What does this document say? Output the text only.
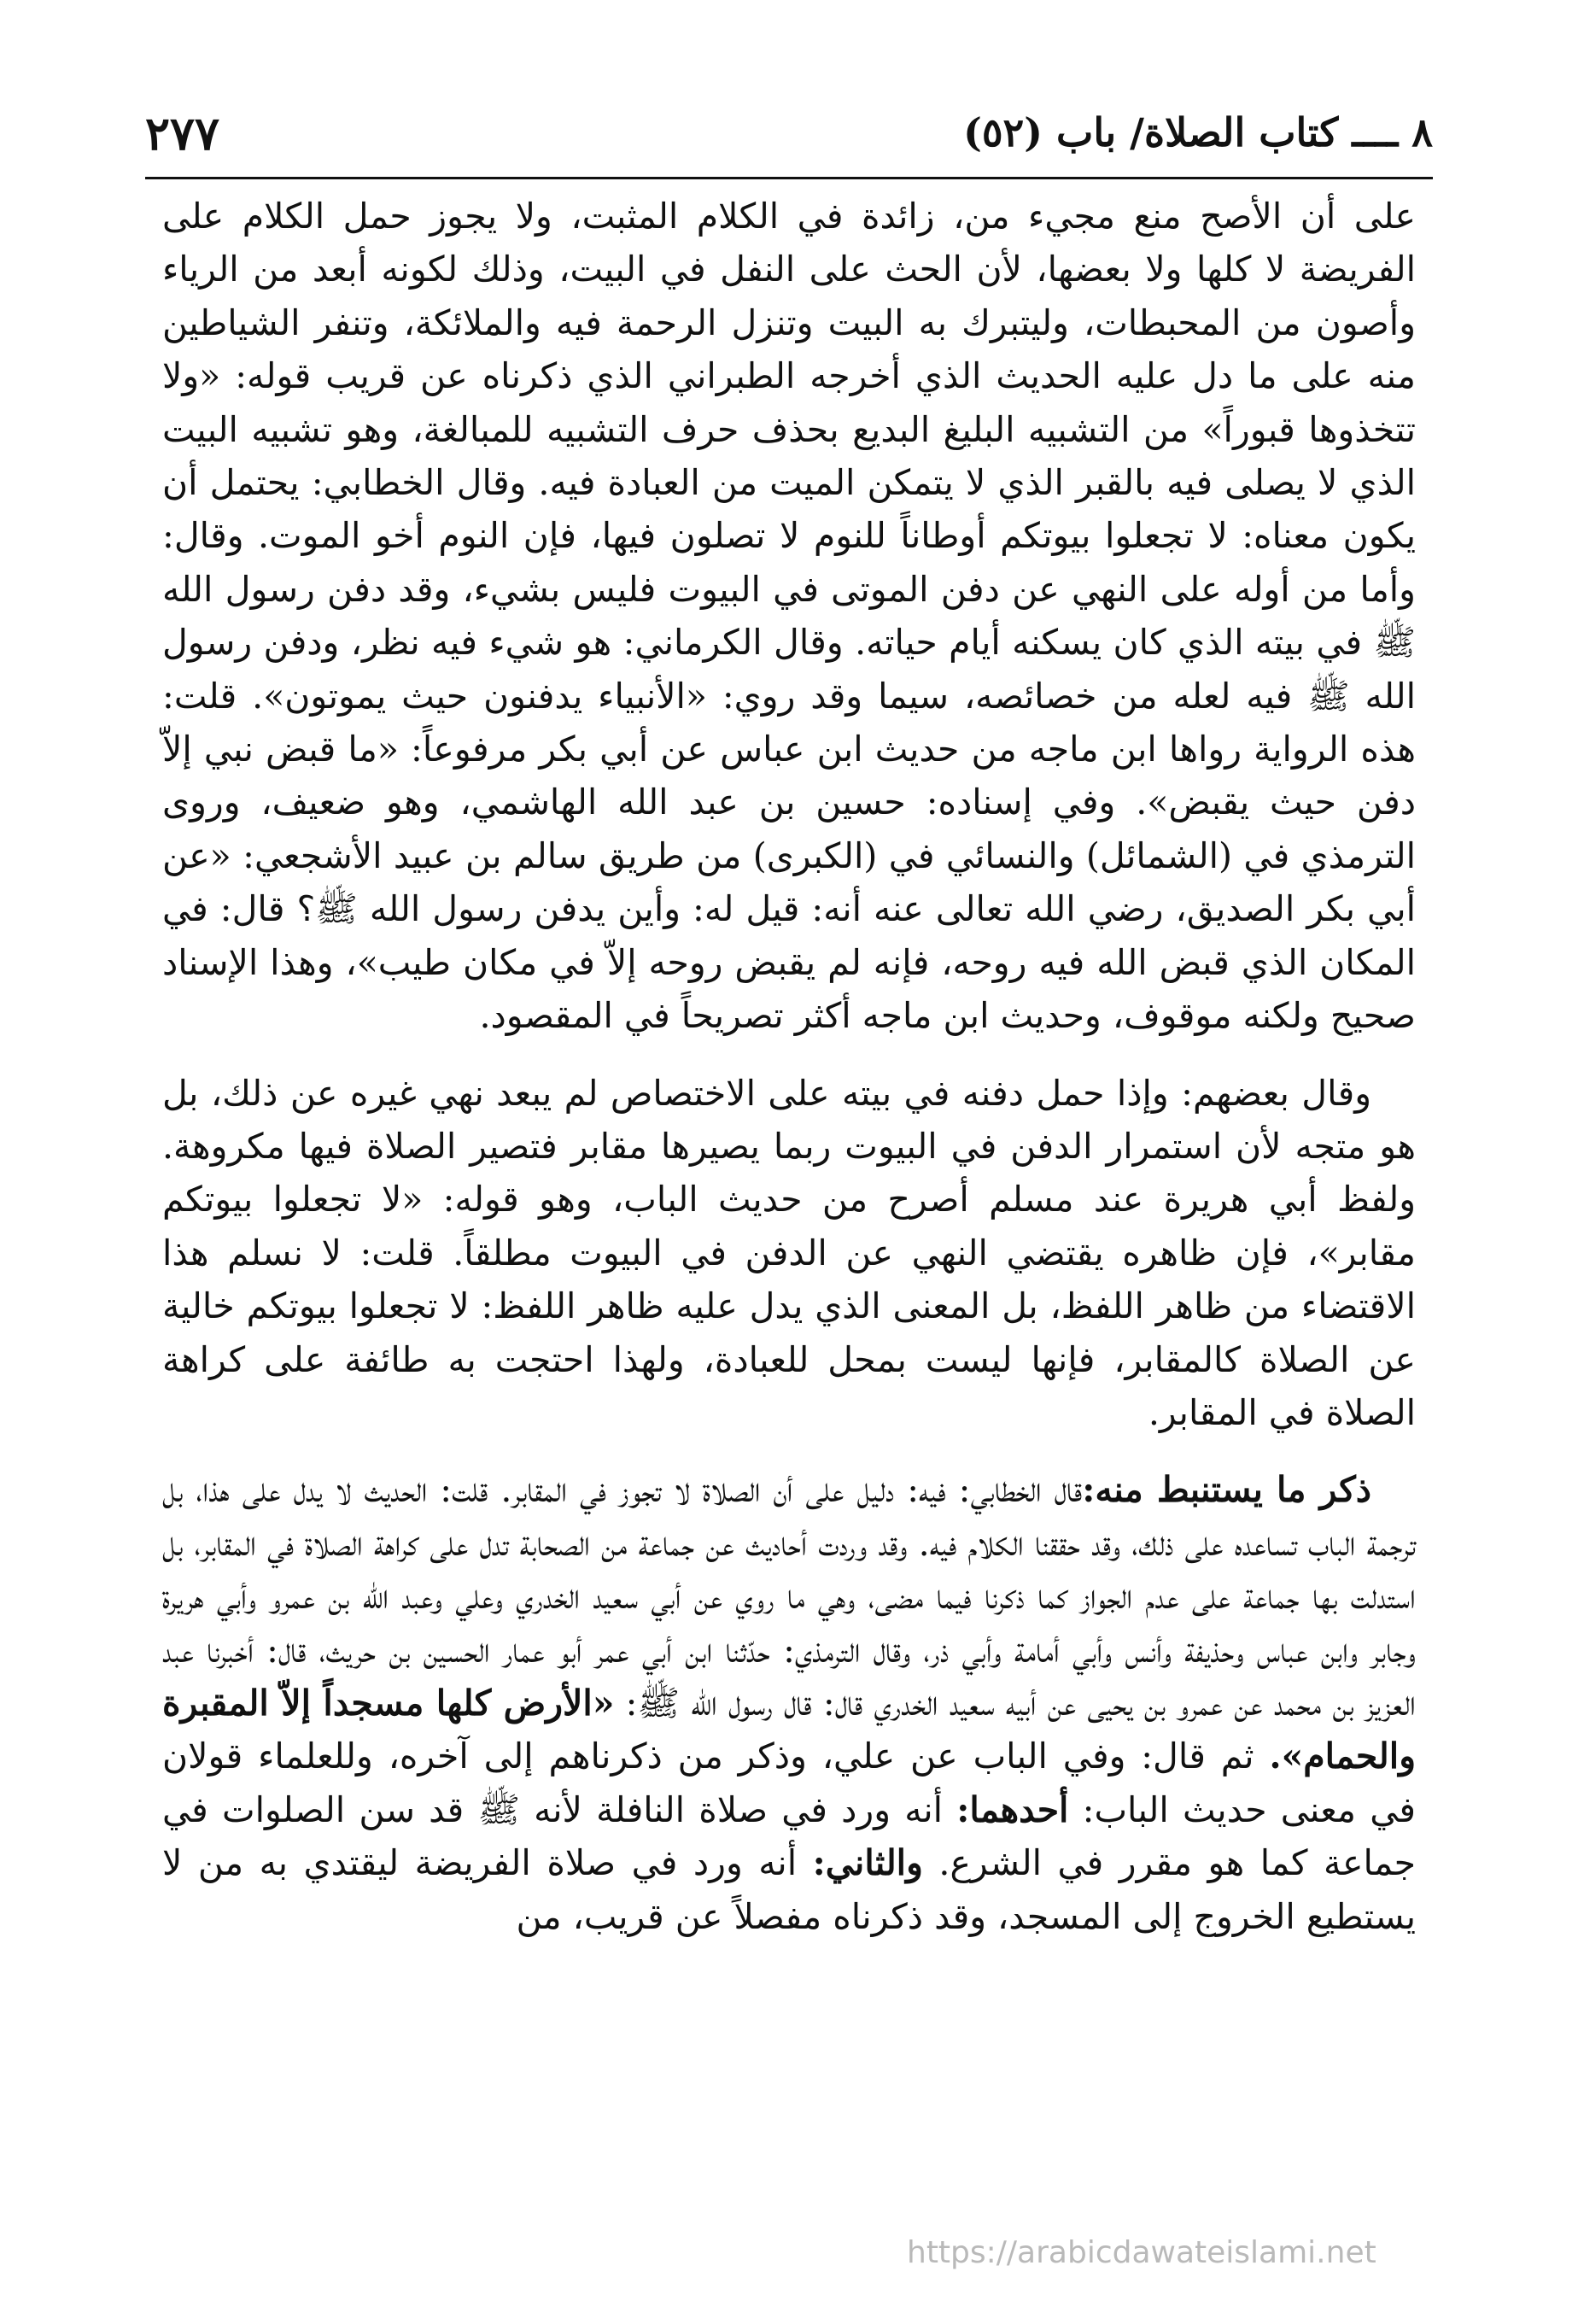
٨ ــــ كتاب الصلاة/ باب (٥٢)
٢٧٧

على أن الأصح منع مجيء من، زائدة في الكلام المثبت، ولا يجوز حمل الكلام على الفريضة لا كلها ولا بعضها، لأن الحث على النفل في البيت، وذلك لكونه أبعد من الرياء وأصون من المحبطات، وليتبرك به البيت وتنزل الرحمة فيه والملائكة، وتنفر الشياطين منه على ما دل عليه الحديث الذي أخرجه الطبراني الذي ذكرناه عن قريب قوله: «ولا تتخذوها قبوراً» من التشبيه البليغ البديع بحذف حرف التشبيه للمبالغة، وهو تشبيه البيت الذي لا يصلى فيه بالقبر الذي لا يتمكن الميت من العبادة فيه. وقال الخطابي: يحتمل أن يكون معناه: لا تجعلوا بيوتكم أوطاناً للنوم لا تصلون فيها، فإن النوم أخو الموت. وقال: وأما من أوله على النهي عن دفن الموتى في البيوت فليس بشيء، وقد دفن رسول الله ﷺ في بيته الذي كان يسكنه أيام حياته. وقال الكرماني: هو شيء فيه نظر، ودفن رسول الله ﷺ فيه لعله من خصائصه، سيما وقد روي: «الأنبياء يدفنون حيث يموتون». قلت: هذه الرواية رواها ابن ماجه من حديث ابن عباس عن أبي بكر مرفوعاً: «ما قبض نبي إلاّ دفن حيث يقبض». وفي إسناده: حسين بن عبد الله الهاشمي، وهو ضعيف، وروى الترمذي في (الشمائل) والنسائي في (الكبرى) من طريق سالم بن عبيد الأشجعي: «عن أبي بكر الصديق، رضي الله تعالى عنه أنه: قيل له: وأين يدفن رسول الله ﷺ؟ قال: في المكان الذي قبض الله فيه روحه، فإنه لم يقبض روحه إلاّ في مكان طيب»، وهذا الإسناد صحيح ولكنه موقوف، وحديث ابن ماجه أكثر تصريحاً في المقصود.

وقال بعضهم: وإذا حمل دفنه في بيته على الاختصاص لم يبعد نهي غيره عن ذلك، بل هو متجه لأن استمرار الدفن في البيوت ربما يصيرها مقابر فتصير الصلاة فيها مكروهة. ولفظ أبي هريرة عند مسلم أصرح من حديث الباب، وهو قوله: «لا تجعلوا بيوتكم مقابر»، فإن ظاهره يقتضي النهي عن الدفن في البيوت مطلقاً. قلت: لا نسلم هذا الاقتضاء من ظاهر اللفظ، بل المعنى الذي يدل عليه ظاهر اللفظ: لا تجعلوا بيوتكم خالية عن الصلاة كالمقابر، فإنها ليست بمحل للعبادة، ولهذا احتجت به طائفة على كراهة الصلاة في المقابر.

ذكر ما يستنبط منه:قال الخطابي: فيه: دليل على أن الصلاة لا تجوز في المقابر. قلت: الحديث لا يدل على هذا، بل ترجمة الباب تساعده على ذلك، وقد حققنا الكلام فيه. وقد وردت أحاديث عن جماعة من الصحابة تدل على كراهة الصلاة في المقابر، بل استدلت بها جماعة على عدم الجواز كما ذكرنا فيما مضى، وهي ما روي عن أبي سعيد الخدري وعلي وعبد الله بن عمرو وأبي هريرة وجابر وابن عباس وحذيفة وأنس وأبي أمامة وأبي ذر، وقال الترمذي: حدّثنا ابن أبي عمر أبو عمار الحسين بن حريث، قال: أخبرنا عبد العزيز بن محمد عن عمرو بن يحيى عن أبيه سعيد الخدري قال: قال رسول الله ﷺ: «الأرض كلها مسجداً إلاّ المقبرة والحمام». ثم قال: وفي الباب عن علي، وذكر من ذكرناهم إلى آخره، وللعلماء قولان في معنى حديث الباب: أحدهما: أنه ورد في صلاة النافلة لأنه ﷺ قد سن الصلوات في جماعة كما هو مقرر في الشرع. والثاني: أنه ورد في صلاة الفريضة ليقتدي به من لا يستطيع الخروج إلى المسجد، وقد ذكرناه مفصلاً عن قريب، من

https://arabicdawateislami.net
